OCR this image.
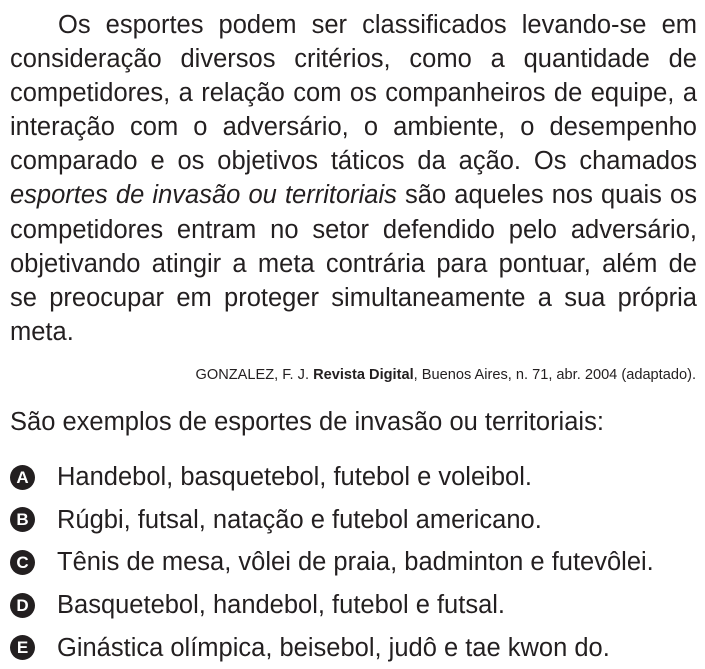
Os esportes podem ser classificados levando-se em consideração diversos critérios, como a quantidade de competidores, a relação com os companheiros de equipe, a interação com o adversário, o ambiente, o desempenho comparado e os objetivos táticos da ação. Os chamados esportes de invasão ou territoriais são aqueles nos quais os competidores entram no setor defendido pelo adversário, objetivando atingir a meta contrária para pontuar, além de se preocupar em proteger simultaneamente a sua própria meta.

GONZALEZ, F. J. Revista Digital, Buenos Aires, n. 71, abr. 2004 (adaptado).

São exemplos de esportes de invasão ou territoriais:

A Handebol, basquetebol, futebol e voleibol.
B Rúgbi, futsal, natação e futebol americano.
C Tênis de mesa, vôlei de praia, badminton e futevôlei.
D Basquetebol, handebol, futebol e futsal.
E Ginástica olímpica, beisebol, judô e tae kwon do.
